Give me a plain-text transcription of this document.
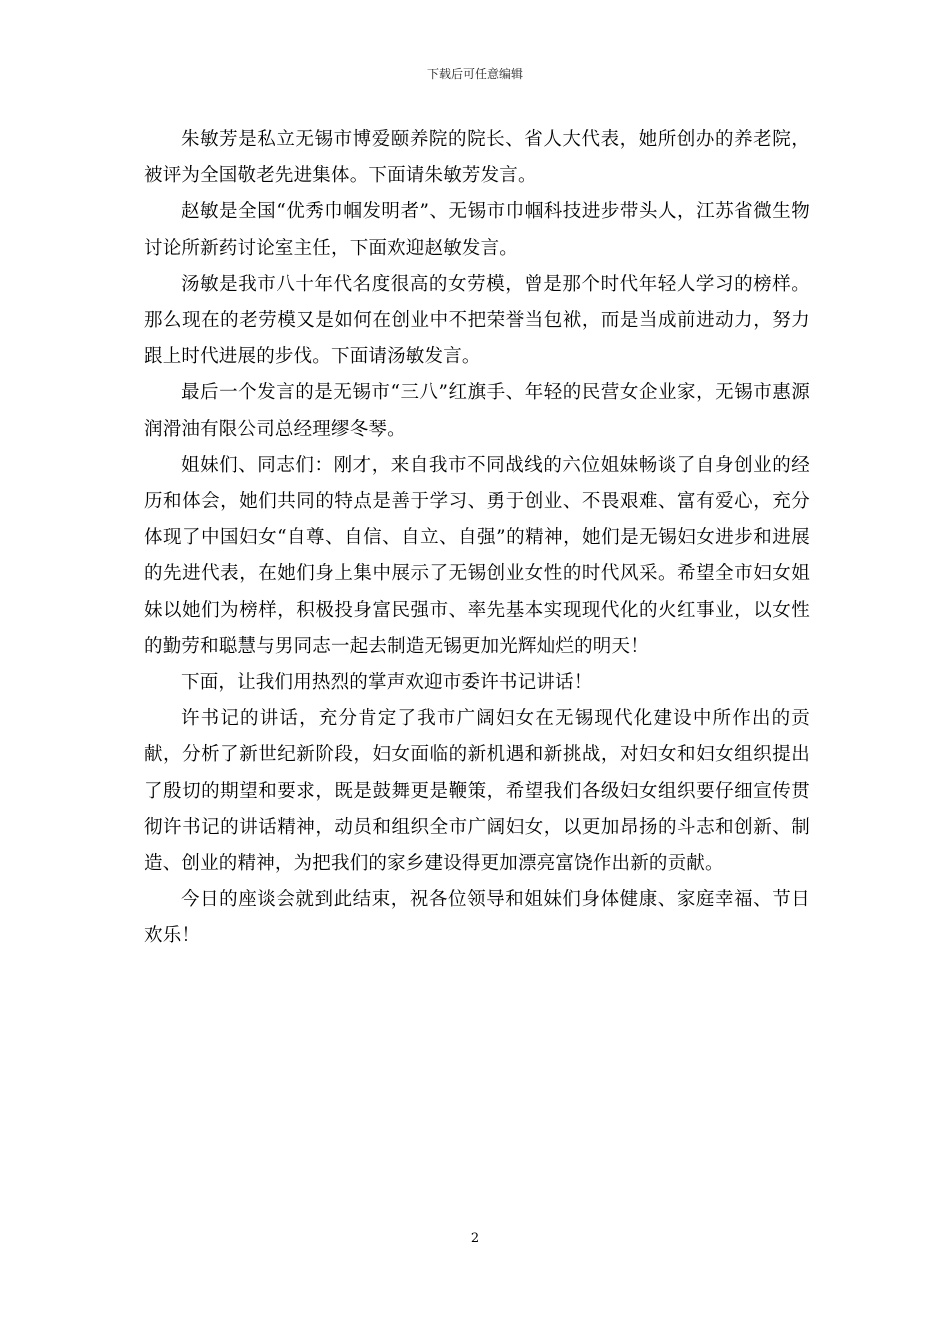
下载后可任意编辑

朱敏芳是私立无锡市博爱颐养院的院长、省人大代表，她所创办的养老院，被评为全国敬老先进集体。下面请朱敏芳发言。

赵敏是全国“优秀巾帼发明者”、无锡市巾帼科技进步带头人，江苏省微生物讨论所新药讨论室主任，下面欢迎赵敏发言。

汤敏是我市八十年代名度很高的女劳模，曾是那个时代年轻人学习的榜样。那么现在的老劳模又是如何在创业中不把荣誉当包袱，而是当成前进动力，努力跟上时代进展的步伐。下面请汤敏发言。

最后一个发言的是无锡市“三八”红旗手、年轻的民营女企业家，无锡市惠源润滑油有限公司总经理缪冬琴。

姐妹们、同志们：刚才，来自我市不同战线的六位姐妹畅谈了自身创业的经历和体会，她们共同的特点是善于学习、勇于创业、不畏艰难、富有爱心，充分体现了中国妇女“自尊、自信、自立、自强”的精神，她们是无锡妇女进步和进展的先进代表，在她们身上集中展示了无锡创业女性的时代风采。希望全市妇女姐妹以她们为榜样，积极投身富民强市、率先基本实现现代化的火红事业，以女性的勤劳和聪慧与男同志一起去制造无锡更加光辉灿烂的明天！

下面，让我们用热烈的掌声欢迎市委许书记讲话！

许书记的讲话，充分肯定了我市广阔妇女在无锡现代化建设中所作出的贡献，分析了新世纪新阶段，妇女面临的新机遇和新挑战，对妇女和妇女组织提出了殷切的期望和要求，既是鼓舞更是鞭策，希望我们各级妇女组织要仔细宣传贯彻许书记的讲话精神，动员和组织全市广阔妇女，以更加昂扬的斗志和创新、制造、创业的精神，为把我们的家乡建设得更加漂亮富饶作出新的贡献。

今日的座谈会就到此结束，祝各位领导和姐妹们身体健康、家庭幸福、节日欢乐！

2
